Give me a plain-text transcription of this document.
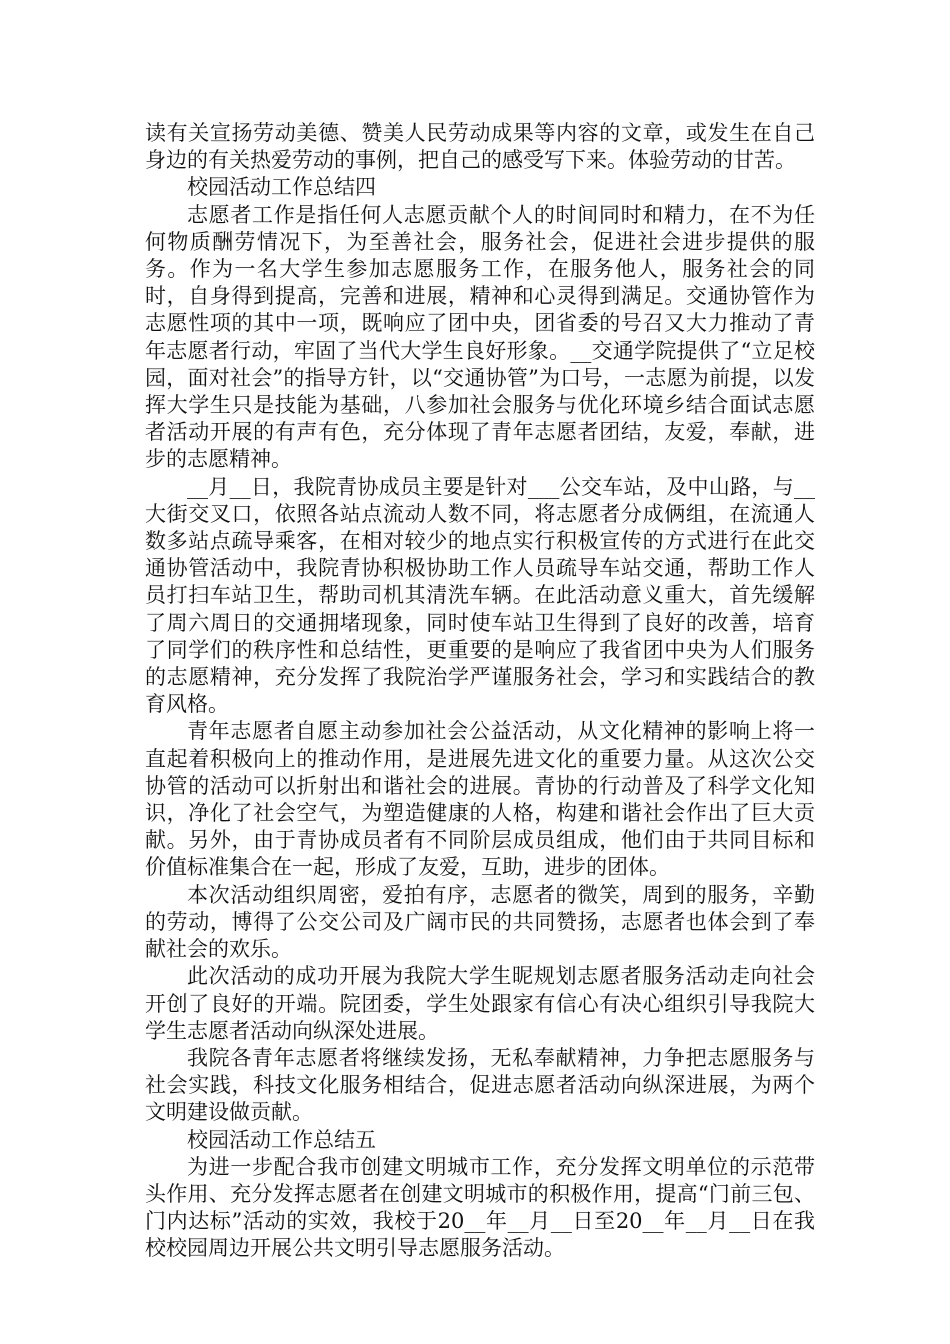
读有关宣扬劳动美德、赞美人民劳动成果等内容的文章，或发生在自己身边的有关热爱劳动的事例，把自己的感受写下来。体验劳动的甘苦。

校园活动工作总结四

志愿者工作是指任何人志愿贡献个人的时间同时和精力，在不为任何物质酬劳情况下，为至善社会，服务社会，促进社会进步提供的服务。作为一名大学生参加志愿服务工作，在服务他人，服务社会的同时，自身得到提高，完善和进展，精神和心灵得到满足。交通协管作为志愿性项的其中一项，既响应了团中央，团省委的号召又大力推动了青年志愿者行动，牢固了当代大学生良好形象。__交通学院提供了“立足校园，面对社会”的指导方针，以“交通协管”为口号，一志愿为前提，以发挥大学生只是技能为基础，八参加社会服务与优化环境乡结合面试志愿者活动开展的有声有色，充分体现了青年志愿者团结，友爱，奉献，进步的志愿精神。

__月__日，我院青协成员主要是针对___公交车站，及中山路，与__大街交叉口，依照各站点流动人数不同，将志愿者分成俩组，在流通人数多站点疏导乘客，在相对较少的地点实行积极宣传的方式进行在此交通协管活动中，我院青协积极协助工作人员疏导车站交通，帮助工作人员打扫车站卫生，帮助司机其清洗车辆。在此活动意义重大，首先缓解了周六周日的交通拥堵现象，同时使车站卫生得到了良好的改善，培育了同学们的秩序性和总结性，更重要的是响应了我省团中央为人们服务的志愿精神，充分发挥了我院治学严谨服务社会，学习和实践结合的教育风格。

青年志愿者自愿主动参加社会公益活动，从文化精神的影响上将一直起着积极向上的推动作用，是进展先进文化的重要力量。从这次公交协管的活动可以折射出和谐社会的进展。青协的行动普及了科学文化知识，净化了社会空气，为塑造健康的人格，构建和谐社会作出了巨大贡献。另外，由于青协成员者有不同阶层成员组成，他们由于共同目标和价值标准集合在一起，形成了友爱，互助，进步的团体。

本次活动组织周密，爱拍有序，志愿者的微笑，周到的服务，辛勤的劳动，博得了公交公司及广阔市民的共同赞扬，志愿者也体会到了奉献社会的欢乐。

此次活动的成功开展为我院大学生昵规划志愿者服务活动走向社会开创了良好的开端。院团委，学生处跟家有信心有决心组织引导我院大学生志愿者活动向纵深处进展。

我院各青年志愿者将继续发扬，无私奉献精神，力争把志愿服务与社会实践，科技文化服务相结合，促进志愿者活动向纵深进展，为两个文明建设做贡献。

校园活动工作总结五

为进一步配合我市创建文明城市工作，充分发挥文明单位的示范带头作用、充分发挥志愿者在创建文明城市的积极作用，提高“门前三包、门内达标”活动的实效，我校于20__年__月__日至20__年__月__日在我校校园周边开展公共文明引导志愿服务活动。
